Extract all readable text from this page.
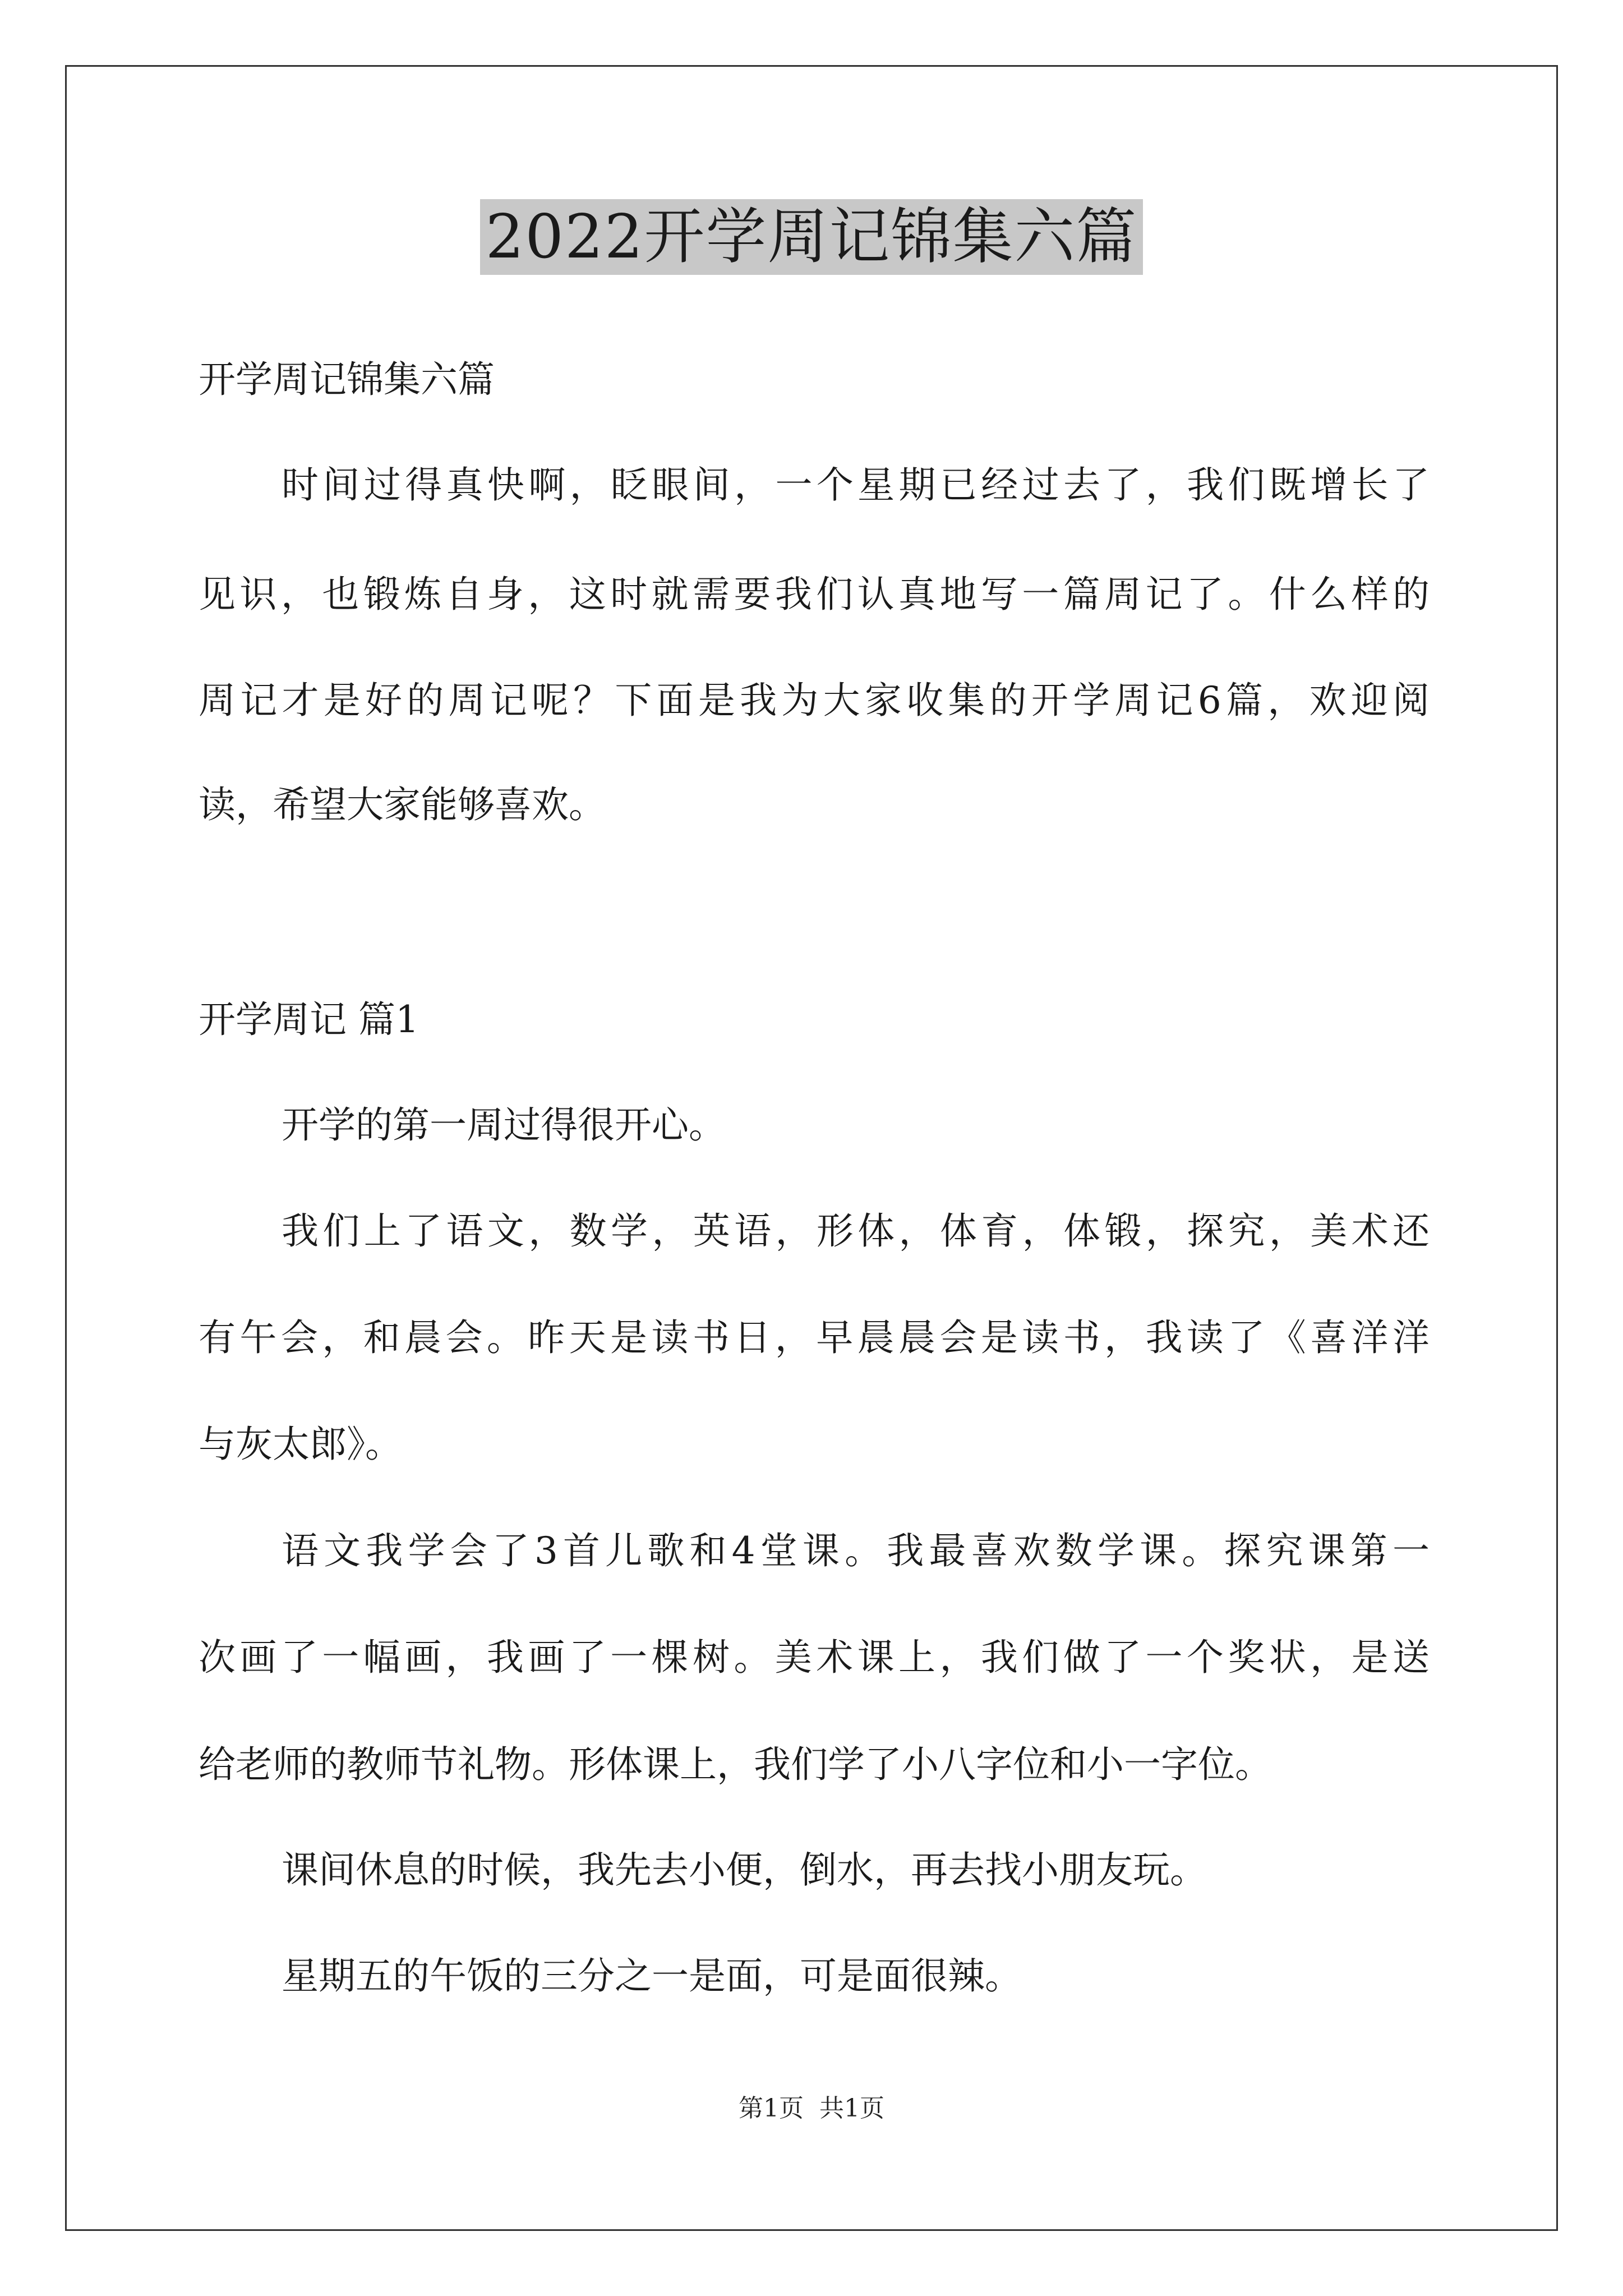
2022开学周记锦集六篇
开学周记锦集六篇
时间过得真快啊，眨眼间，一个星期已经过去了，我们既增长了
见识，也锻炼自身，这时就需要我们认真地写一篇周记了。什么样的
周记才是好的周记呢？下面是我为大家收集的开学周记6篇，欢迎阅
读，希望大家能够喜欢。
开学周记 篇1
开学的第一周过得很开心。
我们上了语文，数学，英语，形体，体育，体锻，探究，美术还
有午会，和晨会。昨天是读书日，早晨晨会是读书，我读了《喜洋洋
与灰太郎》。
语文我学会了3首儿歌和4堂课。我最喜欢数学课。探究课第一
次画了一幅画，我画了一棵树。美术课上，我们做了一个奖状，是送
给老师的教师节礼物。形体课上，我们学了小八字位和小一字位。
课间休息的时候，我先去小便，倒水，再去找小朋友玩。
星期五的午饭的三分之一是面，可是面很辣。
第1页 共1页
